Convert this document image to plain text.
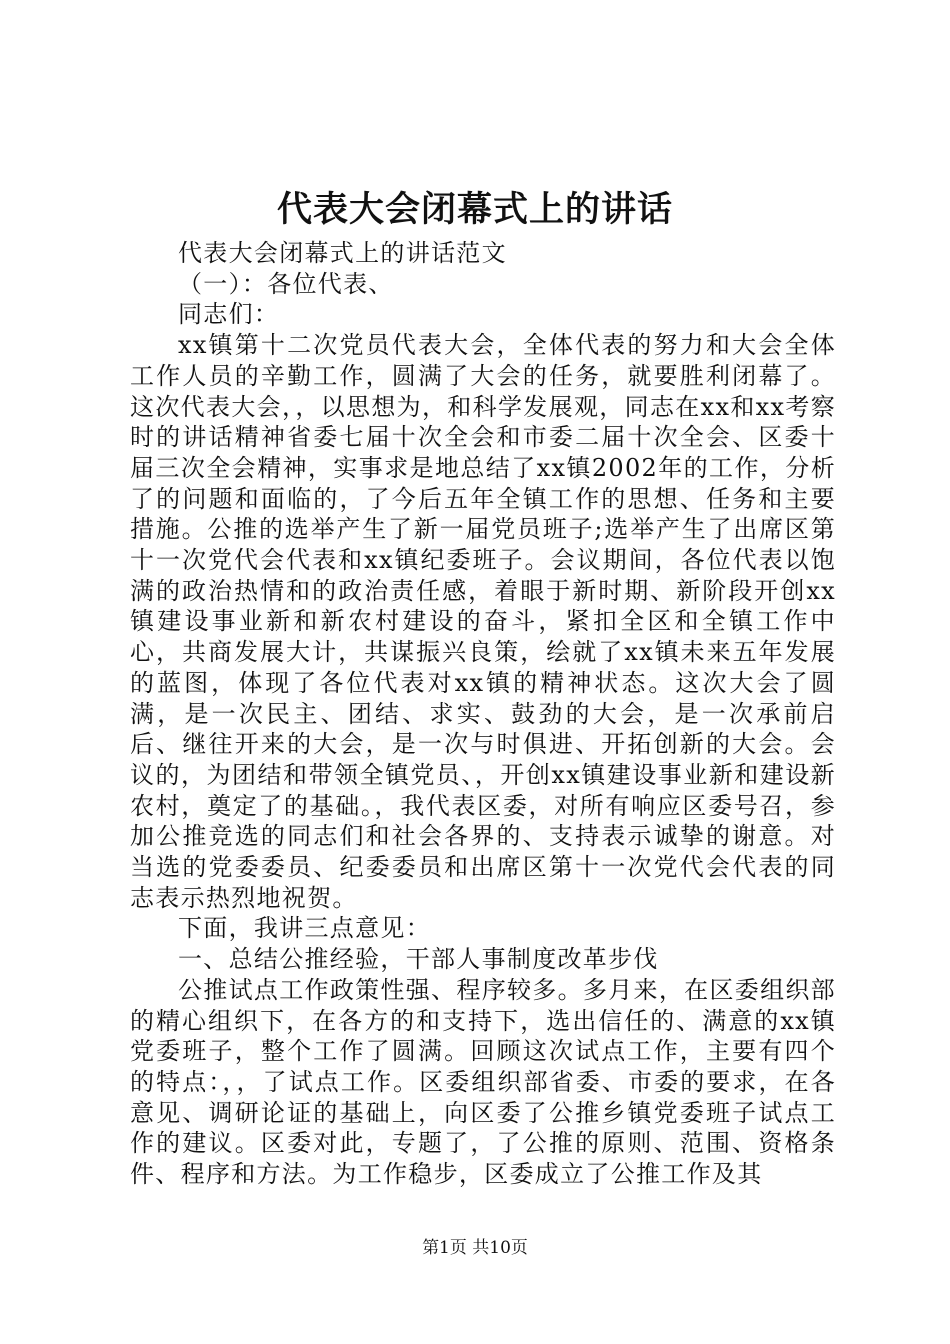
代表大会闭幕式上的讲话

代表大会闭幕式上的讲话范文

（一）：各位代表、

同志们：

xx镇第十二次党员代表大会，全体代表的努力和大会全体工作人员的辛勤工作，圆满了大会的任务，就要胜利闭幕了。这次代表大会，，以思想为，和科学发展观，同志在xx和xx考察时的讲话精神省委七届十次全会和市委二届十次全会、区委十届三次全会精神，实事求是地总结了xx镇2002年的工作，分析了的问题和面临的，了今后五年全镇工作的思想、任务和主要措施。公推的选举产生了新一届党员班子;选举产生了出席区第十一次党代会代表和xx镇纪委班子。会议期间，各位代表以饱满的政治热情和的政治责任感，着眼于新时期、新阶段开创xx镇建设事业新和新农村建设的奋斗，紧扣全区和全镇工作中心，共商发展大计，共谋振兴良策，绘就了xx镇未来五年发展的蓝图，体现了各位代表对xx镇的精神状态。这次大会了圆满，是一次民主、团结、求实、鼓劲的大会，是一次承前启后、继往开来的大会，是一次与时俱进、开拓创新的大会。会议的，为团结和带领全镇党员、，开创xx镇建设事业新和建设新农村，奠定了的基础。，我代表区委，对所有响应区委号召，参加公推竞选的同志们和社会各界的、支持表示诚挚的谢意。对当选的党委委员、纪委委员和出席区第十一次党代会代表的同志表示热烈地祝贺。

下面，我讲三点意见：

一、总结公推经验，干部人事制度改革步伐

公推试点工作政策性强、程序较多。多月来，在区委组织部的精心组织下，在各方的和支持下，选出信任的、满意的xx镇党委班子，整个工作了圆满。回顾这次试点工作，主要有四个的特点：，，了试点工作。区委组织部省委、市委的要求，在各意见、调研论证的基础上，向区委了公推乡镇党委班子试点工作的建议。区委对此，专题了，了公推的原则、范围、资格条件、程序和方法。为工作稳步，区委成立了公推工作及其

第1页 共10页
